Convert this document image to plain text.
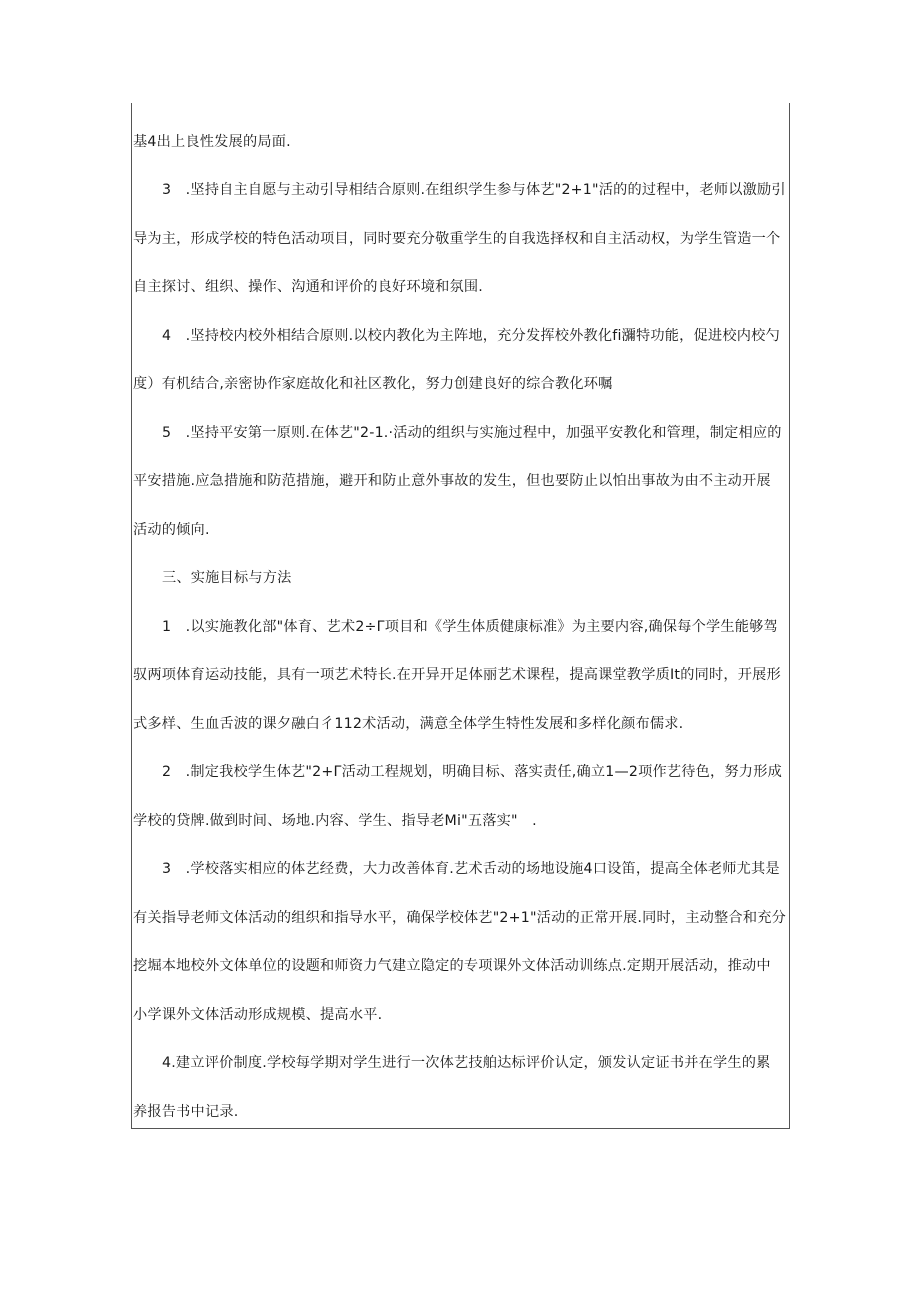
基4出上良性发展的局面.
3　.坚持自主自愿与主动引导相结合原则.在组织学生参与体艺"2+1"活的的过程中，老师以激励引
导为主，形成学校的特色活动项目，同时要充分敬重学生的自我选择权和自主活动权，为学生管造一个
自主探讨、组织、操作、沟通和评价的良好环境和氛围.
4　.坚持校内校外相结合原则.以校内教化为主阵地，充分发挥校外教化fi瀰特功能，促进校内校勺
度）有机结合,亲密协作家庭故化和社区教化，努力创建良好的综合教化环嘱
5　.坚持平安第一原则.在体艺"2-1.·活动的组织与实施过程中，加强平安教化和管理，制定相应的
平安措施.应急措施和防范措施，避开和防止意外事故的发生，但也要防止以怕出事故为由不主动开展
活动的倾向.
三、实施目标与方法
1　.以实施教化部"体育、艺术2÷Γ项目和《学生体质健康标准》为主要内容,确保每个学生能够驾
驭两项体育运动技能，具有一项艺术特长.在开异开足体丽艺术课程，提高课堂教学质It的同时，开展形
式多样、生血舌波的课夕融白彳112术活动，满意全体学生特性发展和多样化颜布儒求.
2　.制定我校学生体艺"2+Γ活动工程规划，明确目标、落实责任,确立1—2项作艺待色，努力形成
学校的贷牌.做到时间、场地.内容、学生、指导老Mi"五落实"　.
3　.学校落实相应的体艺经费，大力改善体育.艺术舌动的场地设施4口设笛，提高全体老师尤其是
有关指导老师文体活动的组织和指导水平，确保学校体艺"2+1"活动的正常开展.同时，主动整合和充分
挖堀本地校外文体单位的设题和师资力气建立隐定的专项课外文体活动训练点.定期开展活动，推动中
小学课外文体活动形成规模、提高水平.
4.建立评价制度.学校每学期对学生进行一次体艺技舶达标评价认定，颁发认定证书并在学生的累
养报告书中记录.
